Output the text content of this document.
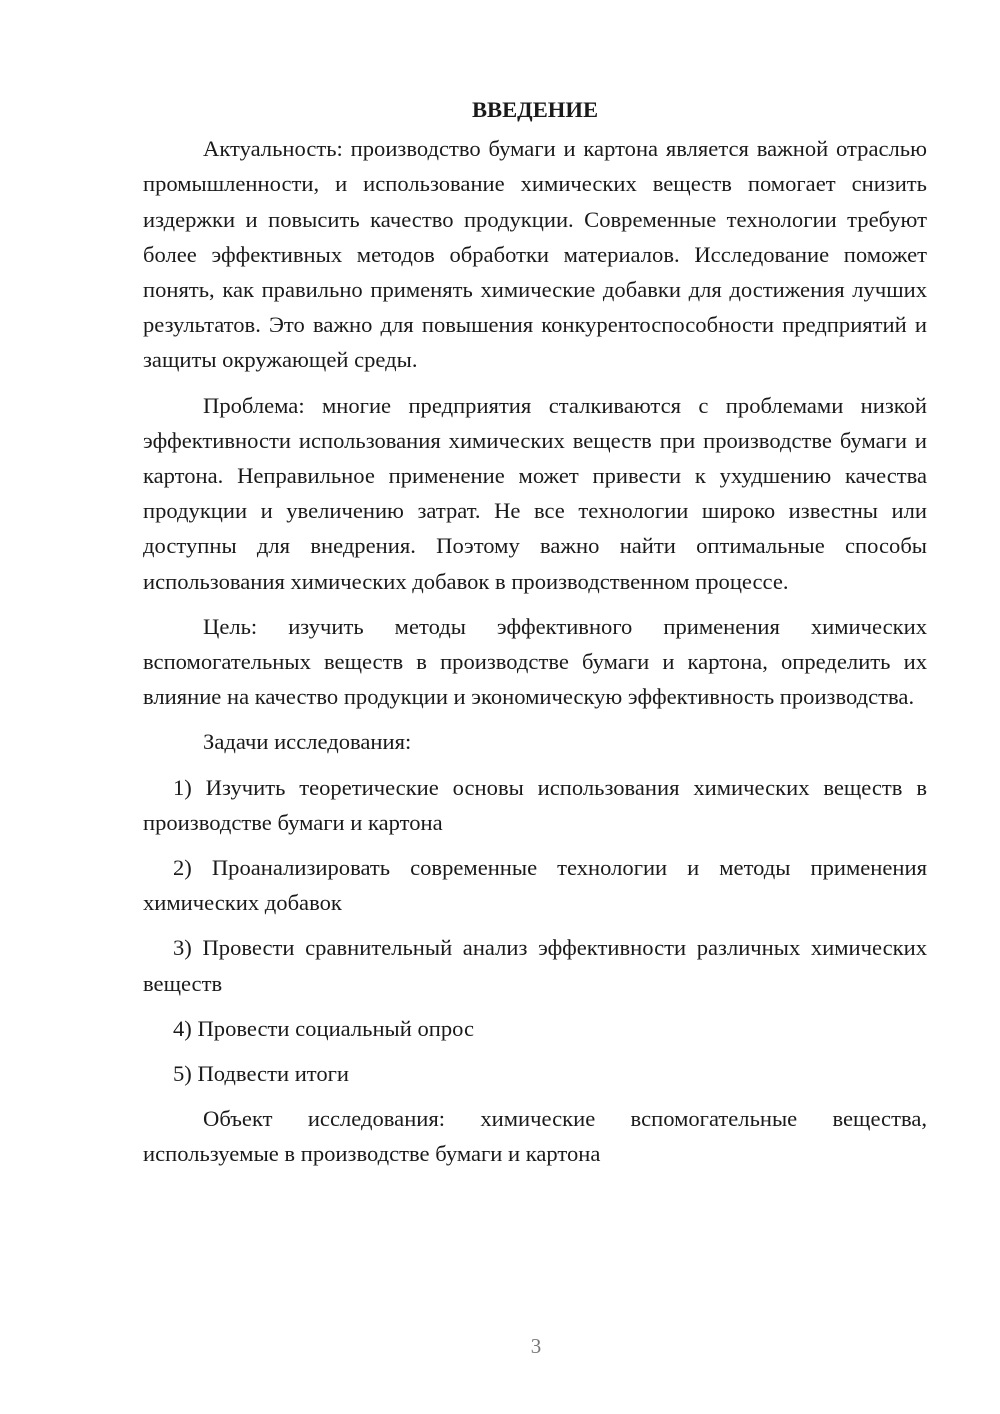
ВВЕДЕНИЕ

Актуальность: производство бумаги и картона является важной отраслью промышленности, и использование химических веществ помогает снизить издержки и повысить качество продукции. Современные технологии требуют более эффективных методов обработки материалов. Исследование поможет понять, как правильно применять химические добавки для достижения лучших результатов. Это важно для повышения конкурентоспособности предприятий и защиты окружающей среды.

Проблема: многие предприятия сталкиваются с проблемами низкой эффективности использования химических веществ при производстве бумаги и картона. Неправильное применение может привести к ухудшению качества продукции и увеличению затрат. Не все технологии широко известны или доступны для внедрения. Поэтому важно найти оптимальные способы использования химических добавок в производственном процессе.

Цель: изучить методы эффективного применения химических вспомогательных веществ в производстве бумаги и картона, определить их влияние на качество продукции и экономическую эффективность производства.

Задачи исследования:

1) Изучить теоретические основы использования химических веществ в производстве бумаги и картона

2) Проанализировать современные технологии и методы применения химических добавок

3) Провести сравнительный анализ эффективности различных химических веществ

4) Провести социальный опрос

5) Подвести итоги

Объект исследования: химические вспомогательные вещества, используемые в производстве бумаги и картона

3
